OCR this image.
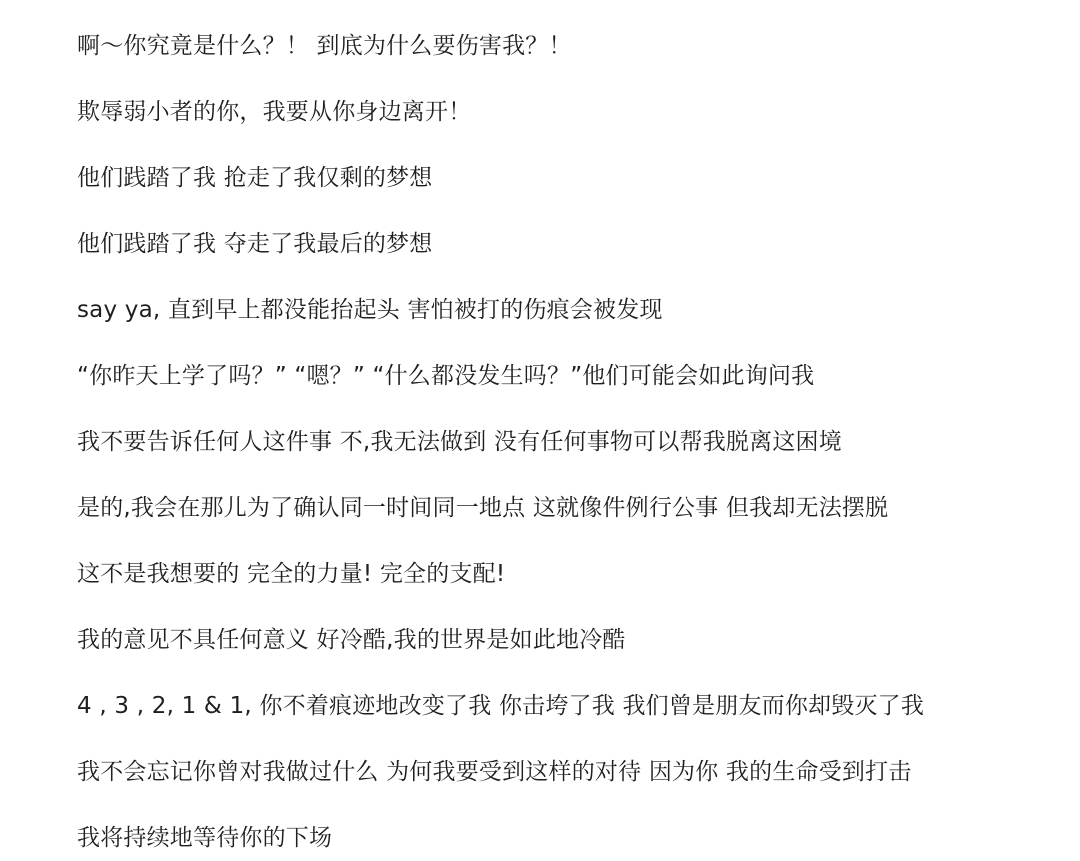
啊～你究竟是什么？！ 到底为什么要伤害我？！
欺辱弱小者的你，我要从你身边离开！
他们践踏了我 抢走了我仅剩的梦想
他们践踏了我 夺走了我最后的梦想
say ya, 直到早上都没能抬起头 害怕被打的伤痕会被发现
“你昨天上学了吗？” “嗯？” “什么都没发生吗？”他们可能会如此询问我
我不要告诉任何人这件事 不,我无法做到 没有任何事物可以帮我脱离这困境
是的,我会在那儿为了确认同一时间同一地点 这就像件例行公事 但我却无法摆脱
这不是我想要的 完全的力量! 完全的支配!
我的意见不具任何意义 好冷酷,我的世界是如此地冷酷
4 , 3 , 2, 1 & 1, 你不着痕迹地改变了我 你击垮了我 我们曾是朋友而你却毁灭了我
我不会忘记你曾对我做过什么 为何我要受到这样的对待 因为你 我的生命受到打击
我将持续地等待你的下场
